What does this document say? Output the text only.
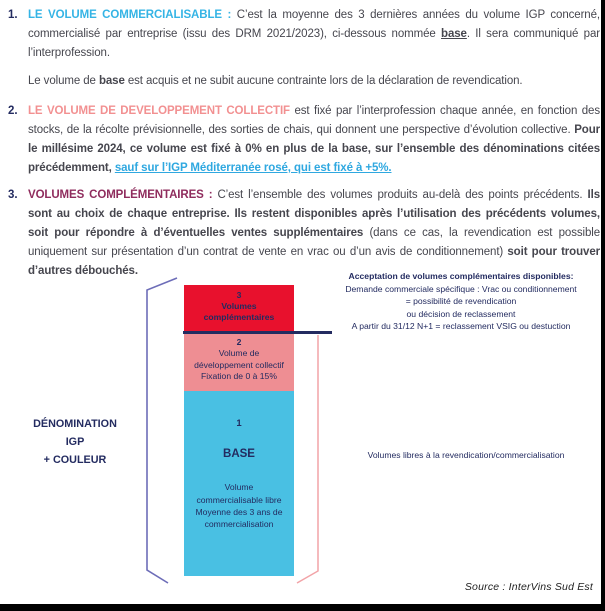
1. LE VOLUME COMMERCIALISABLE : C’est la moyenne des 3 dernières années du volume IGP concerné, commercialisé par entreprise (issu des DRM 2021/2023), ci-dessous nommée base. Il sera communiqué par l’interprofession.

Le volume de base est acquis et ne subit aucune contrainte lors de la déclaration de revendication.

2. LE VOLUME DE DEVELOPPEMENT COLLECTIF est fixé par l’interprofession chaque année, en fonction des stocks, de la récolte prévisionnelle, des sorties de chais, qui donnent une perspective d’évolution collective. Pour le millésime 2024, ce volume est fixé à 0% en plus de la base, sur l’ensemble des dénominations citées précédemment, sauf sur l’IGP Méditerranée rosé, qui est fixé à +5%.

3. VOLUMES COMPLÉMENTAIRES : C’est l’ensemble des volumes produits au-delà des points précédents. Ils sont au choix de chaque entreprise. Ils restent disponibles après l’utilisation des précédents volumes, soit pour répondre à d’éventuelles ventes supplémentaires (dans ce cas, la revendication est possible uniquement sur présentation d’un contrat de vente en vrac ou d’un avis de conditionnement) soit pour trouver d’autres débouchés.

DÉNOMINATION
IGP
+ COULEUR
3
Volumes
complémentaires
2
Volume de
développement collectif
Fixation de 0 à 15%
1
BASE
Volume
commercialisable libre
Moyenne des 3 ans de
commercialisation
Acceptation de volumes complémentaires disponibles:
Demande commerciale spécifique : Vrac ou conditionnement
= possibilité de revendication
ou décision de reclassement
A partir du 31/12 N+1 = reclassement VSIG ou destuction
Volumes libres à la revendication/commercialisation
Source : InterVins Sud Est
